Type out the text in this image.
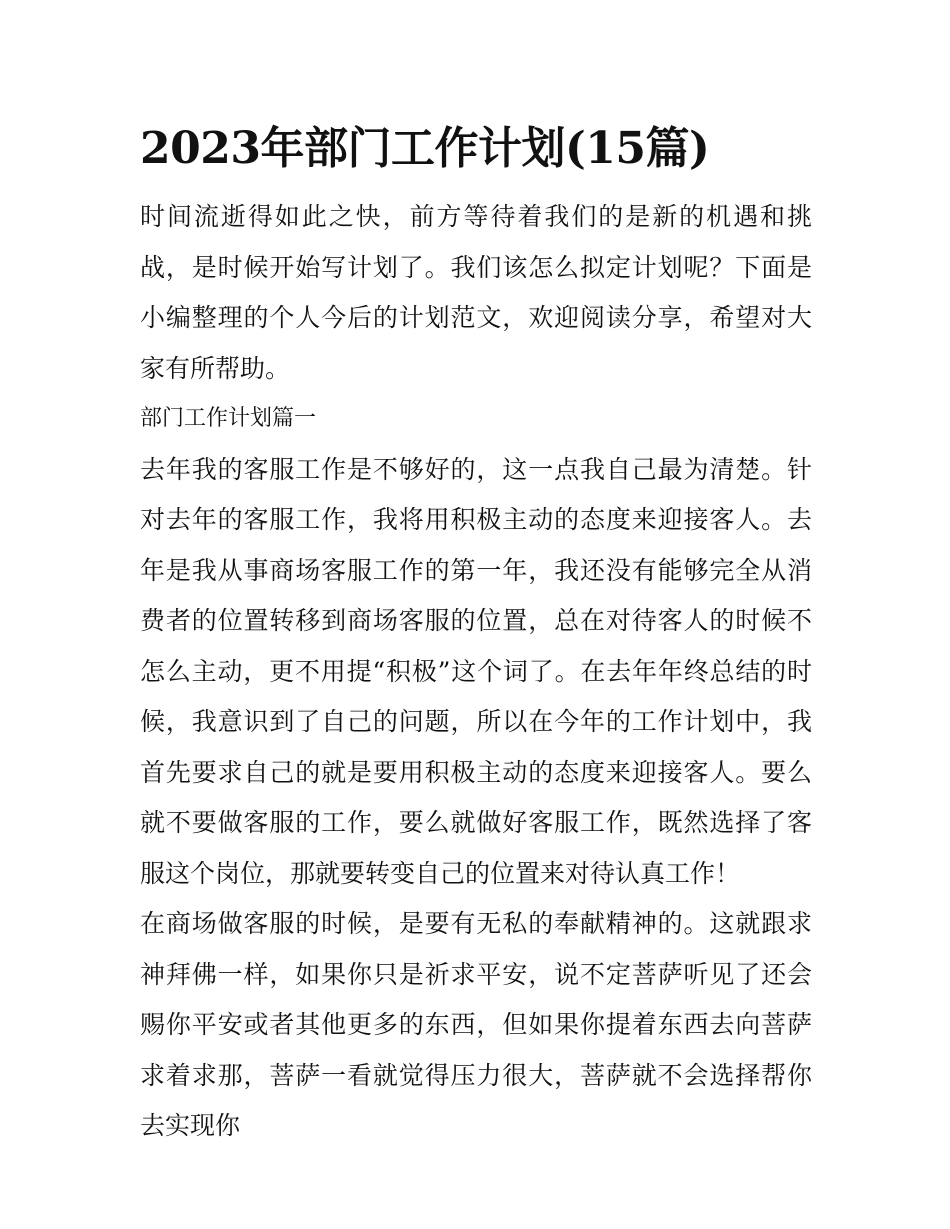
2023年部门工作计划(15篇)

时间流逝得如此之快，前方等待着我们的是新的机遇和挑战，是时候开始写计划了。我们该怎么拟定计划呢？下面是小编整理的个人今后的计划范文，欢迎阅读分享，希望对大家有所帮助。

部门工作计划篇一

去年我的客服工作是不够好的，这一点我自己最为清楚。针对去年的客服工作，我将用积极主动的态度来迎接客人。去年是我从事商场客服工作的第一年，我还没有能够完全从消费者的位置转移到商场客服的位置，总在对待客人的时候不怎么主动，更不用提“积极”这个词了。在去年年终总结的时候，我意识到了自己的问题，所以在今年的工作计划中，我首先要求自己的就是要用积极主动的态度来迎接客人。要么就不要做客服的工作，要么就做好客服工作，既然选择了客服这个岗位，那就要转变自己的位置来对待认真工作！

在商场做客服的时候，是要有无私的奉献精神的。这就跟求神拜佛一样，如果你只是祈求平安，说不定菩萨听见了还会赐你平安或者其他更多的东西，但如果你提着东西去向菩萨求着求那，菩萨一看就觉得压力很大，菩萨就不会选择帮你去实现你
